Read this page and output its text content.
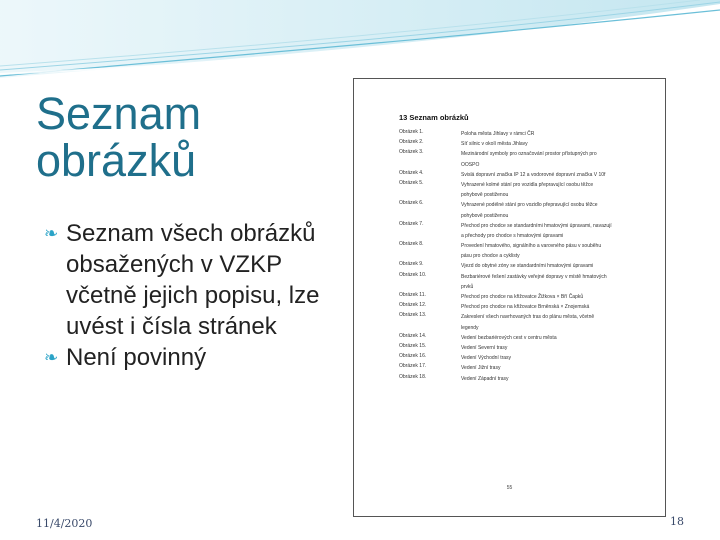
Seznam
obrázků
❧ Seznam všech obrázků obsažených v VZKP včetně jejich popisu, lze uvést i čísla stránek
❧ Není povinný
13 Seznam obrázků
Obrázek 1.	Poloha města Jihlavy v rámci ČR
Obrázek 2.	Síť silnic v okolí města Jihlavy
Obrázek 3.	Mezinárodní symboly pro označování prostor přístupných pro
OOSPO
Obrázek 4.	Svislá dopravní značka IP 12 a vodorovné dopravní značka V 10f
Obrázek 5.	Vyhrazené kolmé stání pro vozidla přepravující osobu těžce
pohybově postiženou
Obrázek 6.	Vyhrazené podélné stání pro vozidlo přepravující osobu těžce
pohybově postiženou
Obrázek 7.	Přechod pro chodce se standardními hmatovými úpravami, navazují
a přechody pro chodce s hmatovými úpravami
Obrázek 8.	Provedení hmatového, signálního a varovného pásu v souběhu
pásu pro chodce a cyklisty
Obrázek 9.	Vjezd do obytné zóny se standardními hmatovými úpravami
Obrázek 10.	Bezbariérové řešení zastávky veřejné dopravy v místě hmatových
prvků
Obrázek 11.	Přechod pro chodce na křižovatce Žižkova × Bří Čapků
Obrázek 12.	Přechod pro chodce na křižovatce Brněnská × Znojemská
Obrázek 13.	Zakreslení všech navrhovaných tras do plánu města, včetně
legendy
Obrázek 14.	Vedení bezbariérových cest v centru města
Obrázek 15.	Vedení Severní trasy
Obrázek 16.	Vedení Východní trasy
Obrázek 17.	Vedení Jižní trasy
Obrázek 18.	Vedení Západní trasy
55
11/4/2020	18
